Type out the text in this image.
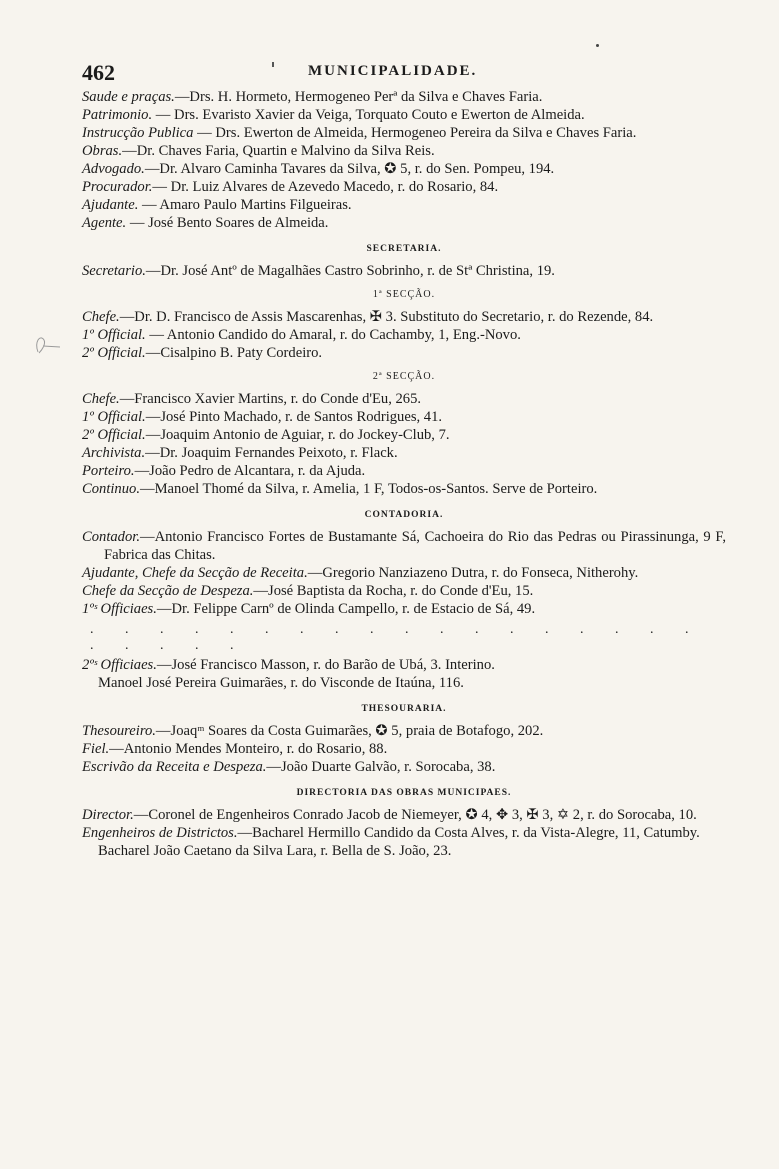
462	MUNICIPALIDADE.
Saude e praças.—Drs. H. Hormeto, Hermogeneo Perª da Silva e Chaves Faria.
Patrimonio. — Drs. Evaristo Xavier da Veiga, Torquato Couto e Ewerton de Almeida.
Instrucção Publica — Drs. Ewerton de Almeida, Hermogeneo Pereira da Silva e Chaves Faria.
Obras.—Dr. Chaves Faria, Quartin e Malvino da Silva Reis.
Advogado.—Dr. Alvaro Caminha Tavares da Silva, ✪ 5, r. do Sen. Pompeu, 194.
Procurador.— Dr. Luiz Alvares de Azevedo Macedo, r. do Rosario, 84.
Ajudante. — Amaro Paulo Martins Filgueiras.
Agente. — José Bento Soares de Almeida.
SECRETARIA.
Secretario.—Dr. José Antº de Magalhães Castro Sobrinho, r. de Stª Christina, 19.
1ª SECÇÃO.
Chefe.—Dr. D. Francisco de Assis Mascarenhas, ✠ 3. Substituto do Secretario, r. do Rezende, 84.
1º Official. — Antonio Candido do Amaral, r. do Cachamby, 1, Eng.-Novo.
2º Official.—Cisalpino B. Paty Cordeiro.
2ª SECÇÃO.
Chefe.—Francisco Xavier Martins, r. do Conde d'Eu, 265.
1º Official.—José Pinto Machado, r. de Santos Rodrigues, 41.
2º Official.—Joaquim Antonio de Aguiar, r. do Jockey-Club, 7.
Archivista.—Dr. Joaquim Fernandes Peixoto, r. Flack.
Porteiro.—João Pedro de Alcantara, r. da Ajuda.
Continuo.—Manoel Thomé da Silva, r. Amelia, 1 F, Todos-os-Santos. Serve de Porteiro.
CONTADORIA.
Contador.—Antonio Francisco Fortes de Bustamante Sá, Cachoeira do Rio das Pedras ou Pirassinunga, 9 F, Fabrica das Chitas.
Ajudante, Chefe da Secção de Receita.—Gregorio Nanziazeno Dutra, r. do Fonseca, Nitherohy.
Chefe da Secção de Despeza.—José Baptista da Rocha, r. do Conde d'Eu, 15.
1ºˢ Officiaes.—Dr. Felippe Carnº de Olinda Campello, r. de Estacio de Sá, 49.
. . . . . . . . . . . . . . . . . . . . . . .
2ºˢ Officiaes.—José Francisco Masson, r. do Barão de Ubá, 3. Interino.
Manoel José Pereira Guimarães, r. do Visconde de Itaúna, 116.
THESOURARIA.
Thesoureiro.—Joaqᵐ Soares da Costa Guimarães, ✪ 5, praia de Botafogo, 202.
Fiel.—Antonio Mendes Monteiro, r. do Rosario, 88.
Escrivão da Receita e Despeza.—João Duarte Galvão, r. Sorocaba, 38.
DIRECTORIA DAS OBRAS MUNICIPAES.
Director.—Coronel de Engenheiros Conrado Jacob de Niemeyer, ✪ 4, ✥ 3, ✠ 3, ✡ 2, r. do Sorocaba, 10.
Engenheiros de Districtos.—Bacharel Hermillo Candido da Costa Alves, r. da Vista-Alegre, 11, Catumby.
Bacharel João Caetano da Silva Lara, r. Bella de S. João, 23.
